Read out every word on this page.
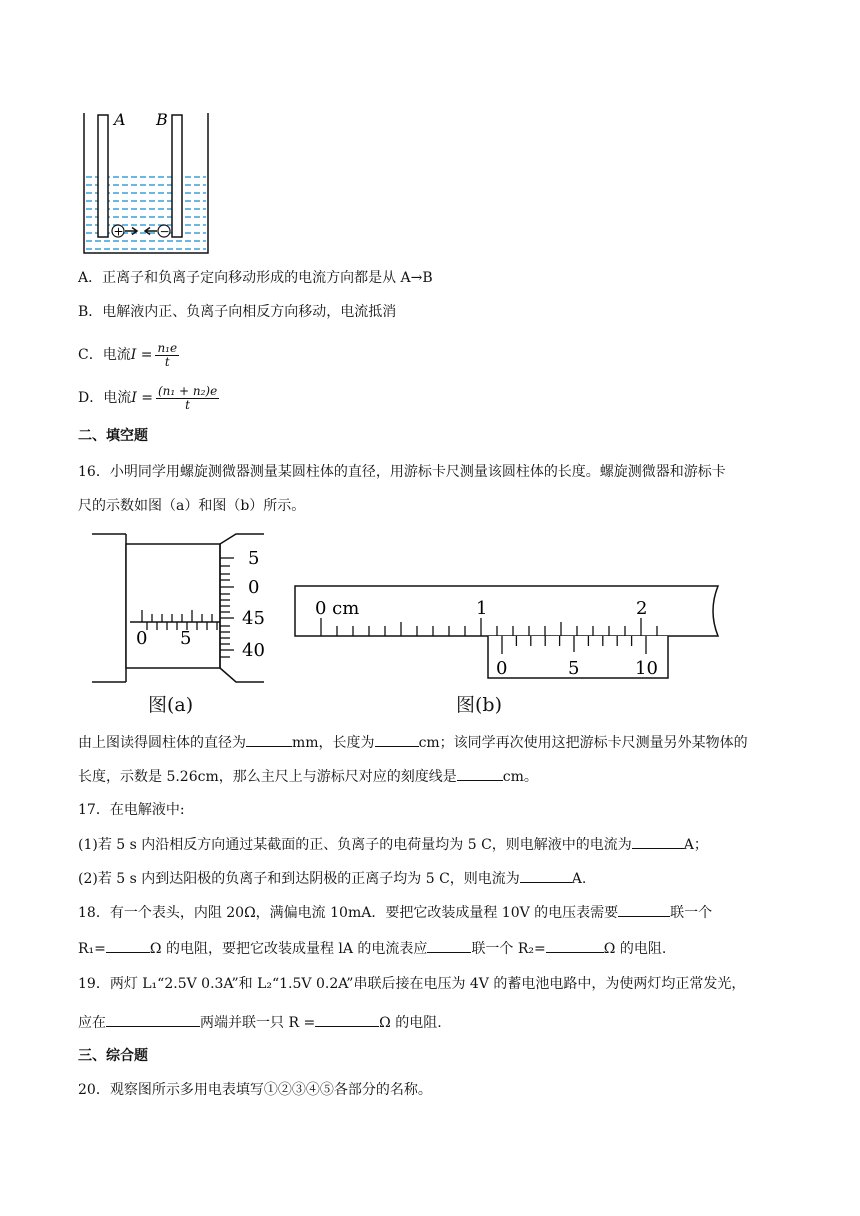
A B
+	−
A．正离子和负离子定向移动形成的电流方向都是从 A→B
B．电解液内正、负离子向相反方向移动，电流抵消
C．电流$I = \frac{\text{n₁e}}{t}$
D．电流$I = \frac{\text{(n₁ + n₂)e}}{t}$
二、填空题
16．小明同学用螺旋测微器测量某圆柱体的直径，用游标卡尺测量该圆柱体的长度。螺旋测微器和游标卡
尺的示数如图（a）和图（b）所示。
0 5
5
0
45
40
图(a)
0 cm	1	2
0	5	10
图(b)
由上图读得圆柱体的直径为	mm，长度为	cm；该同学再次使用这把游标卡尺测量另外某物体的
长度，示数是 5.26cm，那么主尺上与游标尺对应的刻度线是	cm。
17．在电解液中:
(1)若 5 s 内沿相反方向通过某截面的正、负离子的电荷量均为 5 C，则电解液中的电流为	A；
(2)若 5 s 内到达阳极的负离子和到达阴极的正离子均为 5 C，则电流为	A.
18．有一个表头，内阻 20Ω，满偏电流 10mA．要把它改装成量程 10V 的电压表需要	联一个
R₁=	Ω 的电阻，要把它改装成量程 lA 的电流表应	联一个 R₂=	Ω 的电阻.
19．两灯 L₁“2.5V 0.3A”和 L₂“1.5V 0.2A”串联后接在电压为 4V 的蓄电池电路中，为使两灯均正常发光，
应在	两端并联一只 R =	Ω 的电阻.
三、综合题
20．观察图所示多用电表填写①②③④⑤各部分的名称。
